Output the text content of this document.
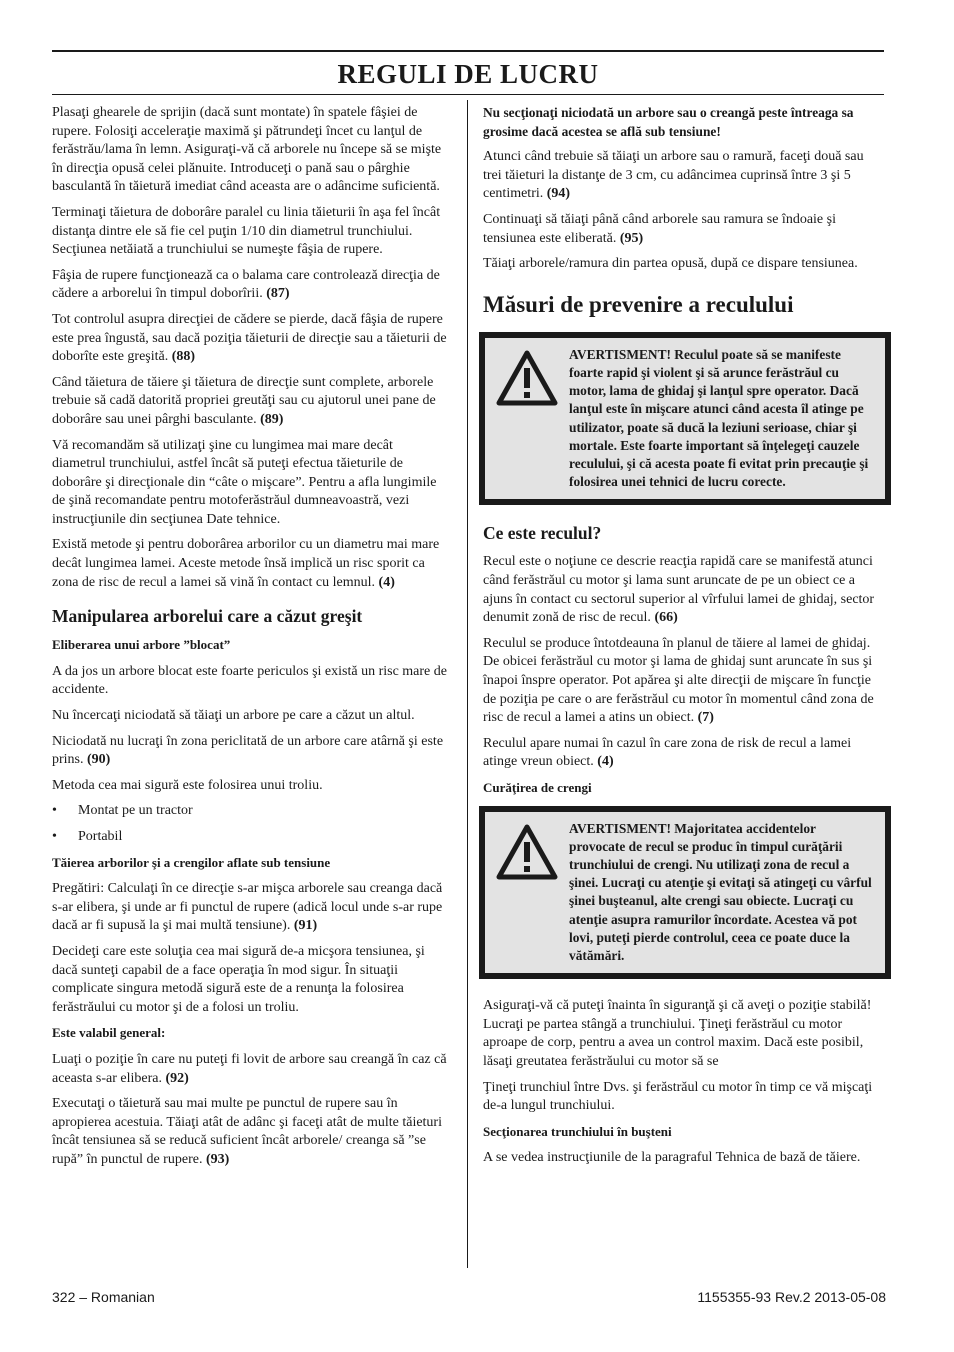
REGULI DE LUCRU

Plasaţi ghearele de sprijin (dacă sunt montate) în spatele fâşiei de rupere. Folosiţi acceleraţie maximă şi pătrundeţi încet cu lanţul de ferăstrău/lama în lemn. Asiguraţi-vă că arborele nu începe să se mişte în direcţia opusă celei plănuite. Introduceţi o pană sau o pârghie basculantă în tăietură imediat când aceasta are o adâncime suficientă.

Terminaţi tăietura de doborâre paralel cu linia tăieturii în aşa fel încât distanţa dintre ele să fie cel puţin 1/10 din diametrul trunchiului. Secţiunea netăiată a trunchiului se numeşte fâşia de rupere.

Fâşia de rupere funcţionează ca o balama care controlează direcţia de cădere a arborelui în timpul doborîrii. (87)

Tot controlul asupra direcţiei de cădere se pierde, dacă fâşia de rupere este prea îngustă, sau dacă poziţia tăieturii de direcţie sau a tăieturii de doborîte este greşită. (88)

Când tăietura de tăiere şi tăietura de direcţie sunt complete, arborele trebuie să cadă datorită propriei greutăţi sau cu ajutorul unei pane de doborâre sau unei pârghi basculante. (89)

Vă recomandăm să utilizaţi şine cu lungimea mai mare decât diametrul trunchiului, astfel încât să puteţi efectua tăieturile de doborâre şi direcţionale din “câte o mişcare”. Pentru a afla lungimile de şină recomandate pentru motoferăstrăul dumneavoastră, vezi instrucţiunile din secţiunea Date tehnice.

Există metode şi pentru doborârea arborilor cu un diametru mai mare decât lungimea lamei. Aceste metode însă implică un risc sporit ca zona de risc de recul a lamei să vină în contact cu lemnul. (4)

Manipularea arborelui care a căzut greşit
Eliberarea unui arbore ”blocat”

A da jos un arbore blocat este foarte periculos şi există un risc mare de accidente.

Nu încercaţi niciodată să tăiaţi un arbore pe care a căzut un altul.

Niciodată nu lucraţi în zona periclitată de un arbore care atârnă şi este prins. (90)

Metoda cea mai sigură este folosirea unui troliu.

•	Montat pe un tractor
•	Portabil
Tăierea arborilor şi a crengilor aflate sub tensiune

Pregătiri: Calculaţi în ce direcţie s-ar mişca arborele sau creanga dacă s-ar elibera, şi unde ar fi punctul de rupere (adică locul unde s-ar rupe dacă ar fi supusă la şi mai multă tensiune). (91)

Decideţi care este soluţia cea mai sigură de-a micşora tensiunea, şi dacă sunteţi capabil de a face operaţia în mod sigur. În situaţii complicate singura metodă sigură este de a renunţa la folosirea ferăstrăului cu motor şi de a folosi un troliu.

Este valabil general:

Luaţi o poziţie în care nu puteţi fi lovit de arbore sau creangă în caz că aceasta s-ar elibera. (92)

Executaţi o tăietură sau mai multe pe punctul de rupere sau în apropierea acestuia. Tăiaţi atât de adânc şi faceţi atât de multe tăieturi încât tensiunea să se reducă suficient încât arborele/ creanga să ”se rupă” în punctul de rupere. (93)

Nu secţionaţi niciodată un arbore sau o creangă peste întreaga sa grosime dacă acestea se află sub tensiune!

Atunci când trebuie să tăiaţi un arbore sau o ramură, faceţi două sau trei tăieturi la distanţe de 3 cm, cu adâncimea cuprinsă între 3 şi 5 centimetri. (94)

Continuaţi să tăiaţi până când arborele sau ramura se îndoaie şi tensiunea este eliberată. (95)

Tăiaţi arborele/ramura din partea opusă, după ce dispare tensiunea.

Măsuri de prevenire a reculului
AVERTISMENT! Reculul poate să se manifeste foarte rapid şi violent şi să arunce ferăstrăul cu motor, lama de ghidaj şi lanţul spre operator. Dacă lanţul este în mişcare atunci când acesta îl atinge pe utilizator, poate să ducă la leziuni serioase, chiar şi mortale. Este foarte important să înţelegeţi cauzele reculului, şi că acesta poate fi evitat prin precauţie şi folosirea unei tehnici de lucru corecte.
Ce este reculul?

Recul este o noţiune ce descrie reacţia rapidă care se manifestă atunci când ferăstrăul cu motor şi lama sunt aruncate de pe un obiect ce a ajuns în contact cu sectorul superior al vîrfului lamei de ghidaj, sector denumit zonă de risc de recul. (66)

Reculul se produce întotdeauna în planul de tăiere al lamei de ghidaj. De obicei ferăstrăul cu motor şi lama de ghidaj sunt aruncate în sus şi înapoi înspre operator. Pot apărea şi alte direcţii de mişcare în funcţie de poziţia pe care o are ferăstrăul cu motor în momentul când zona de risc de recul a lamei a atins un obiect. (7)

Reculul apare numai în cazul în care zona de risk de recul a lamei atinge vreun obiect. (4)

Curăţirea de crengi
AVERTISMENT! Majoritatea accidentelor provocate de recul se produc în timpul curăţării trunchiului de crengi. Nu utilizaţi zona de recul a şinei. Lucraţi cu atenţie şi evitaţi să atingeţi cu vârful şinei buşteanul, alte crengi sau obiecte. Lucraţi cu atenţie asupra ramurilor încordate. Acestea vă pot lovi, puteţi pierde controlul, ceea ce poate duce la vătămări.

Asiguraţi-vă că puteţi înainta în siguranţă şi că aveţi o poziţie stabilă! Lucraţi pe partea stângă a trunchiului. Ţineţi ferăstrăul cu motor aproape de corp, pentru a avea un control maxim. Dacă este posibil, lăsaţi greutatea ferăstrăului cu motor să se

Ţineţi trunchiul între Dvs. şi ferăstrăul cu motor în timp ce vă mişcaţi de-a lungul trunchiului.

Secţionarea trunchiului în buşteni

A se vedea instrucţiunile de la paragraful Tehnica de bază de tăiere.

322 – Romanian	1155355-93 Rev.2 2013-05-08
